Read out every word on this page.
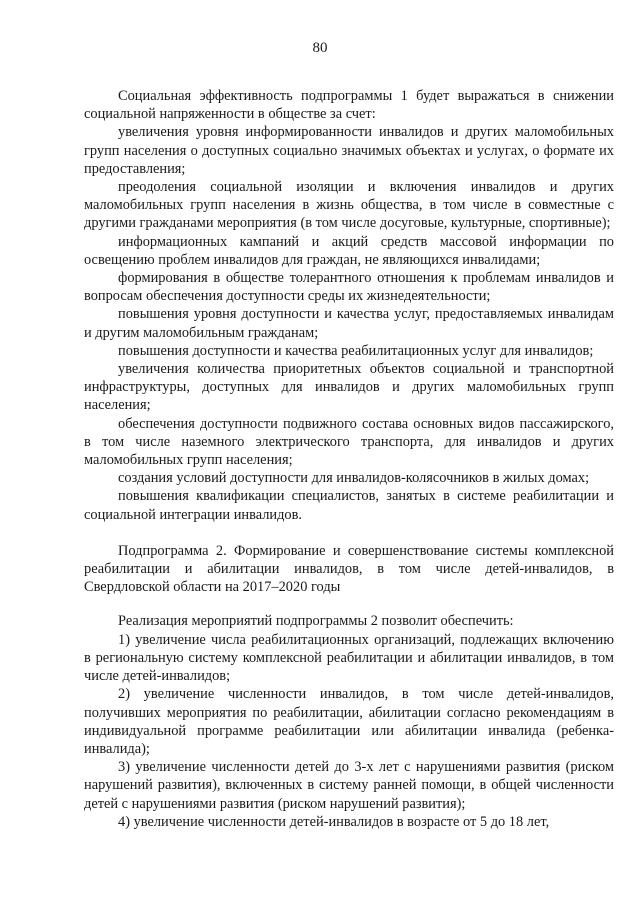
80

Социальная эффективность подпрограммы 1 будет выражаться в снижении социальной напряженности в обществе за счет:

увеличения уровня информированности инвалидов и других маломобильных групп населения о доступных социально значимых объектах и услугах, о формате их предоставления;

преодоления социальной изоляции и включения инвалидов и других маломобильных групп населения в жизнь общества, в том числе в совместные с другими гражданами мероприятия (в том числе досуговые, культурные, спортивные);

информационных кампаний и акций средств массовой информации по освещению проблем инвалидов для граждан, не являющихся инвалидами;

формирования в обществе толерантного отношения к проблемам инвалидов и вопросам обеспечения доступности среды их жизнедеятельности;

повышения уровня доступности и качества услуг, предоставляемых инвалидам и другим маломобильным гражданам;

повышения доступности и качества реабилитационных услуг для инвалидов;

увеличения количества приоритетных объектов социальной и транспортной инфраструктуры, доступных для инвалидов и других маломобильных групп населения;

обеспечения доступности подвижного состава основных видов пассажирского, в том числе наземного электрического транспорта, для инвалидов и других маломобильных групп населения;

создания условий доступности для инвалидов-колясочников в жилых домах;

повышения квалификации специалистов, занятых в системе реабилитации и социальной интеграции инвалидов.

Подпрограмма 2. Формирование и совершенствование системы комплексной реабилитации и абилитации инвалидов, в том числе детей-инвалидов, в Свердловской области на 2017–2020 годы

Реализация мероприятий подпрограммы 2 позволит обеспечить:

1) увеличение числа реабилитационных организаций, подлежащих включению в региональную систему комплексной реабилитации и абилитации инвалидов, в том числе детей-инвалидов;

2) увеличение численности инвалидов, в том числе детей-инвалидов, получивших мероприятия по реабилитации, абилитации согласно рекомендациям в индивидуальной программе реабилитации или абилитации инвалида (ребенка-инвалида);

3) увеличение численности детей до 3-х лет с нарушениями развития (риском нарушений развития), включенных в систему ранней помощи, в общей численности детей с нарушениями развития (риском нарушений развития);

4) увеличение численности детей-инвалидов в возрасте от 5 до 18 лет,
